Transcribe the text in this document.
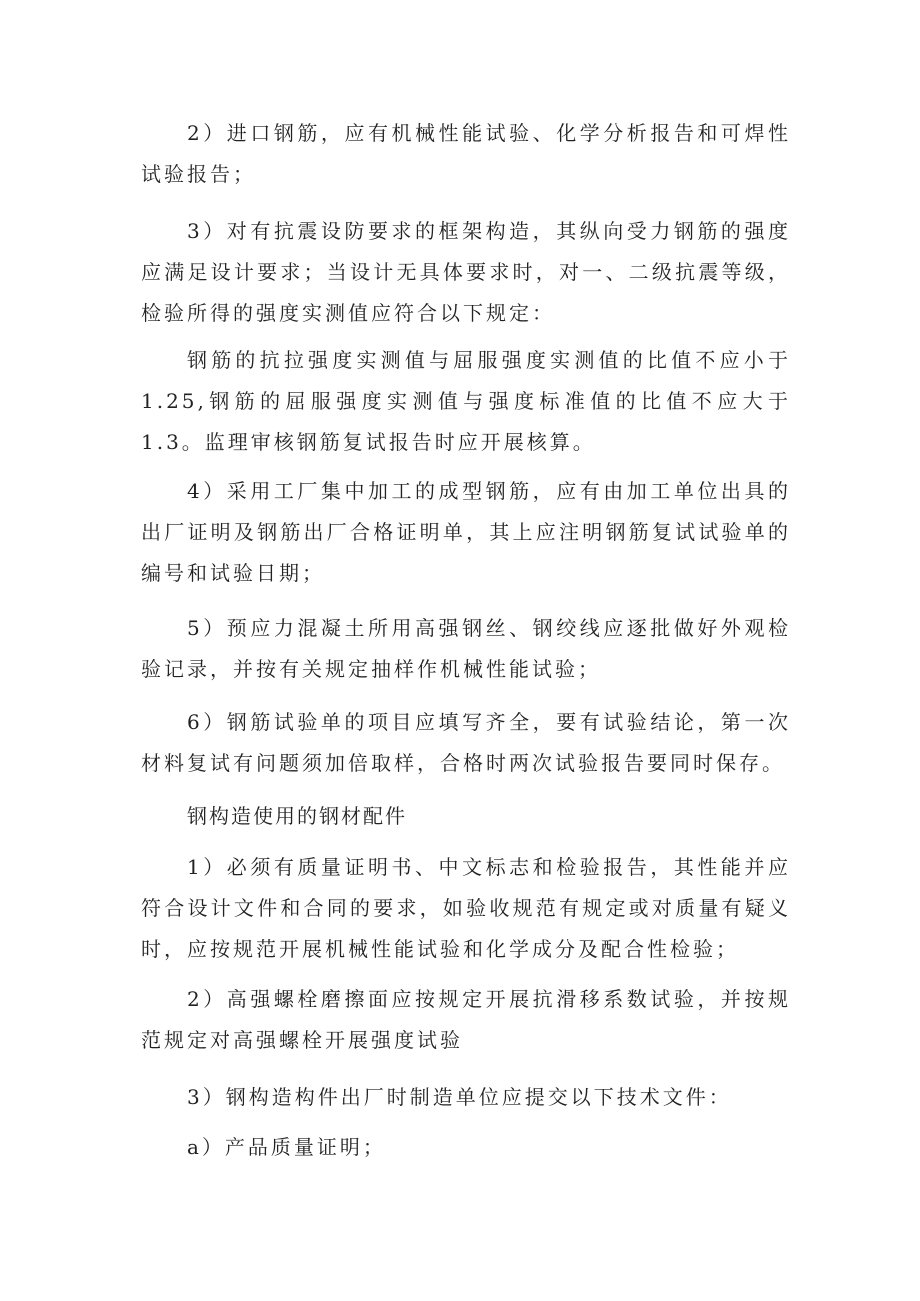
2）进口钢筋，应有机械性能试验、化学分析报告和可焊性试验报告；

3）对有抗震设防要求的框架构造，其纵向受力钢筋的强度应满足设计要求；当设计无具体要求时，对一、二级抗震等级，检验所得的强度实测值应符合以下规定：

钢筋的抗拉强度实测值与屈服强度实测值的比值不应小于1.25,钢筋的屈服强度实测值与强度标准值的比值不应大于1.3。监理审核钢筋复试报告时应开展核算。

4）采用工厂集中加工的成型钢筋，应有由加工单位出具的出厂证明及钢筋出厂合格证明单，其上应注明钢筋复试试验单的编号和试验日期；

5）预应力混凝土所用高强钢丝、钢绞线应逐批做好外观检验记录，并按有关规定抽样作机械性能试验；

6）钢筋试验单的项目应填写齐全，要有试验结论，第一次材料复试有问题须加倍取样，合格时两次试验报告要同时保存。

钢构造使用的钢材配件

1）必须有质量证明书、中文标志和检验报告，其性能并应符合设计文件和合同的要求，如验收规范有规定或对质量有疑义时，应按规范开展机械性能试验和化学成分及配合性检验；

2）高强螺栓磨擦面应按规定开展抗滑移系数试验，并按规范规定对高强螺栓开展强度试验

3）钢构造构件出厂时制造单位应提交以下技术文件：

a）产品质量证明；
